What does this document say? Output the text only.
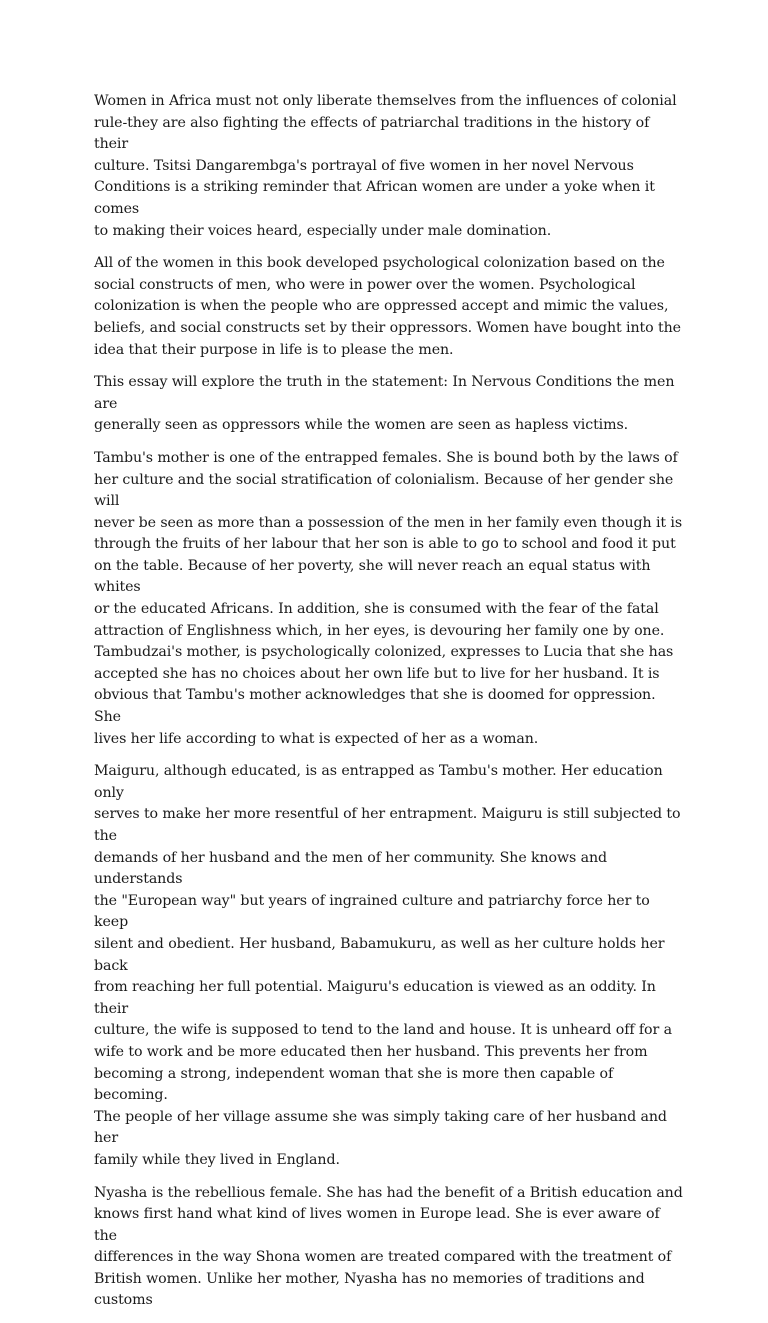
Women in Africa must not only liberate themselves from the influences of colonial
rule-they are also fighting the effects of patriarchal traditions in the history of their
culture. Tsitsi Dangarembga's portrayal of five women in her novel Nervous
Conditions is a striking reminder that African women are under a yoke when it comes
to making their voices heard, especially under male domination.

All of the women in this book developed psychological colonization based on the
social constructs of men, who were in power over the women. Psychological
colonization is when the people who are oppressed accept and mimic the values,
beliefs, and social constructs set by their oppressors. Women have bought into the
idea that their purpose in life is to please the men.

This essay will explore the truth in the statement: In Nervous Conditions the men are
generally seen as oppressors while the women are seen as hapless victims.

Tambu's mother is one of the entrapped females. She is bound both by the laws of
her culture and the social stratification of colonialism. Because of her gender she will
never be seen as more than a possession of the men in her family even though it is
through the fruits of her labour that her son is able to go to school and food it put
on the table. Because of her poverty, she will never reach an equal status with whites
or the educated Africans. In addition, she is consumed with the fear of the fatal
attraction of Englishness which, in her eyes, is devouring her family one by one.
Tambudzai's mother, is psychologically colonized, expresses to Lucia that she has
accepted she has no choices about her own life but to live for her husband. It is
obvious that Tambu's mother acknowledges that she is doomed for oppression. She
lives her life according to what is expected of her as a woman.

Maiguru, although educated, is as entrapped as Tambu's mother. Her education only
serves to make her more resentful of her entrapment. Maiguru is still subjected to the
demands of her husband and the men of her community. She knows and understands
the "European way" but years of ingrained culture and patriarchy force her to keep
silent and obedient. Her husband, Babamukuru, as well as her culture holds her back
from reaching her full potential. Maiguru's education is viewed as an oddity. In their
culture, the wife is supposed to tend to the land and house. It is unheard off for a
wife to work and be more educated then her husband. This prevents her from
becoming a strong, independent woman that she is more then capable of becoming.
The people of her village assume she was simply taking care of her husband and her
family while they lived in England.

Nyasha is the rebellious female. She has had the benefit of a British education and
knows first hand what kind of lives women in Europe lead. She is ever aware of the
differences in the way Shona women are treated compared with the treatment of
British women. Unlike her mother, Nyasha has no memories of traditions and customs
